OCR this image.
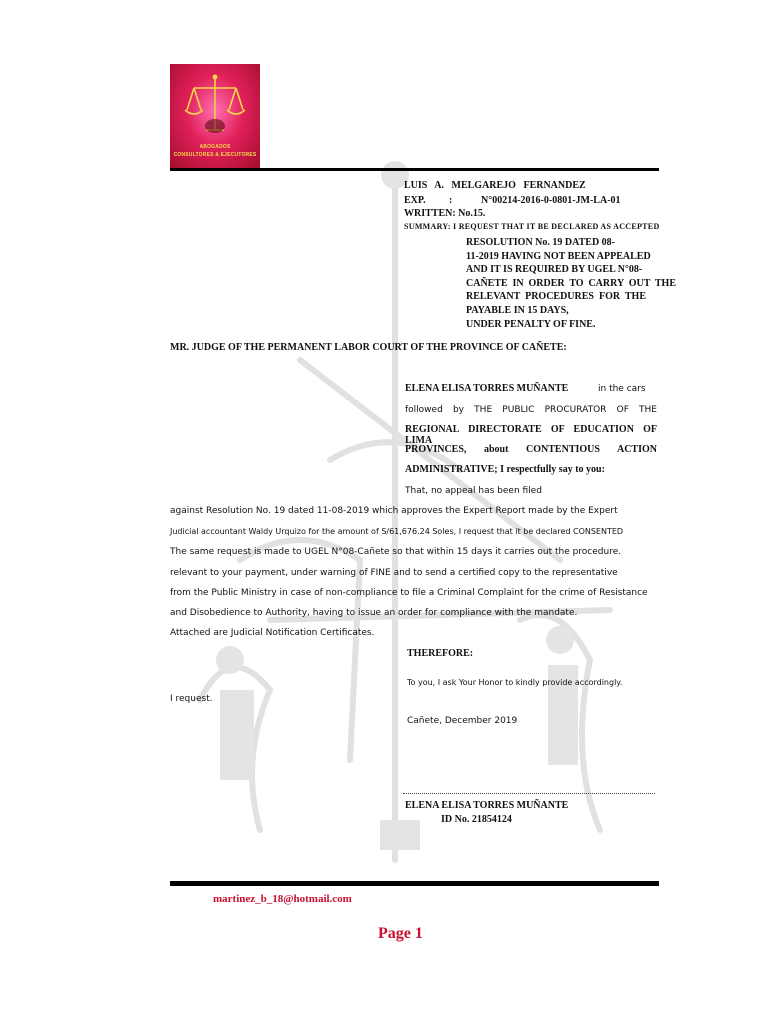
ABOGADOS
CONSULTORES & EJECUTORES
LUIS A. MELGAREJO FERNANDEZ
EXP. :	N°00214-2016-0-0801-JM-LA-01
WRITTEN: No.15.
SUMMARY: I REQUEST THAT IT BE DECLARED AS ACCEPTED
RESOLUTION No. 19 DATED 08-
11-2019 HAVING NOT BEEN APPEALED
AND IT IS REQUIRED BY UGEL N°08-
CAÑETE IN ORDER TO CARRY OUT THE
RELEVANT PROCEDURES FOR THE
PAYABLE IN 15 DAYS,
UNDER PENALTY OF FINE.
MR. JUDGE OF THE PERMANENT LABOR COURT OF THE PROVINCE OF CAÑETE:
ELENA ELISA TORRES MUÑANTE	in the cars
followed by THE PUBLIC PROCURATOR OF THE
REGIONAL DIRECTORATE OF EDUCATION OF LIMA
PROVINCES, about CONTENTIOUS ACTION
ADMINISTRATIVE; I respectfully say to you:
That, no appeal has been filed
against Resolution No. 19 dated 11-08-2019 which approves the Expert Report made by the Expert
Judicial accountant Waldy Urquizo for the amount of S/61,676.24 Soles, I request that it be declared CONSENTED
The same request is made to UGEL N°08-Cañete so that within 15 days it carries out the procedure.
relevant to your payment, under warning of FINE and to send a certified copy to the representative
from the Public Ministry in case of non-compliance to file a Criminal Complaint for the crime of Resistance
and Disobedience to Authority, having to issue an order for compliance with the mandate.
Attached are Judicial Notification Certificates.
THEREFORE:
To you, I ask Your Honor to kindly provide accordingly.
I request.
Cañete, December 2019
ELENA ELISA TORRES MUÑANTE
ID No. 21854124
martinez_b_18@hotmail.com
Page 1
